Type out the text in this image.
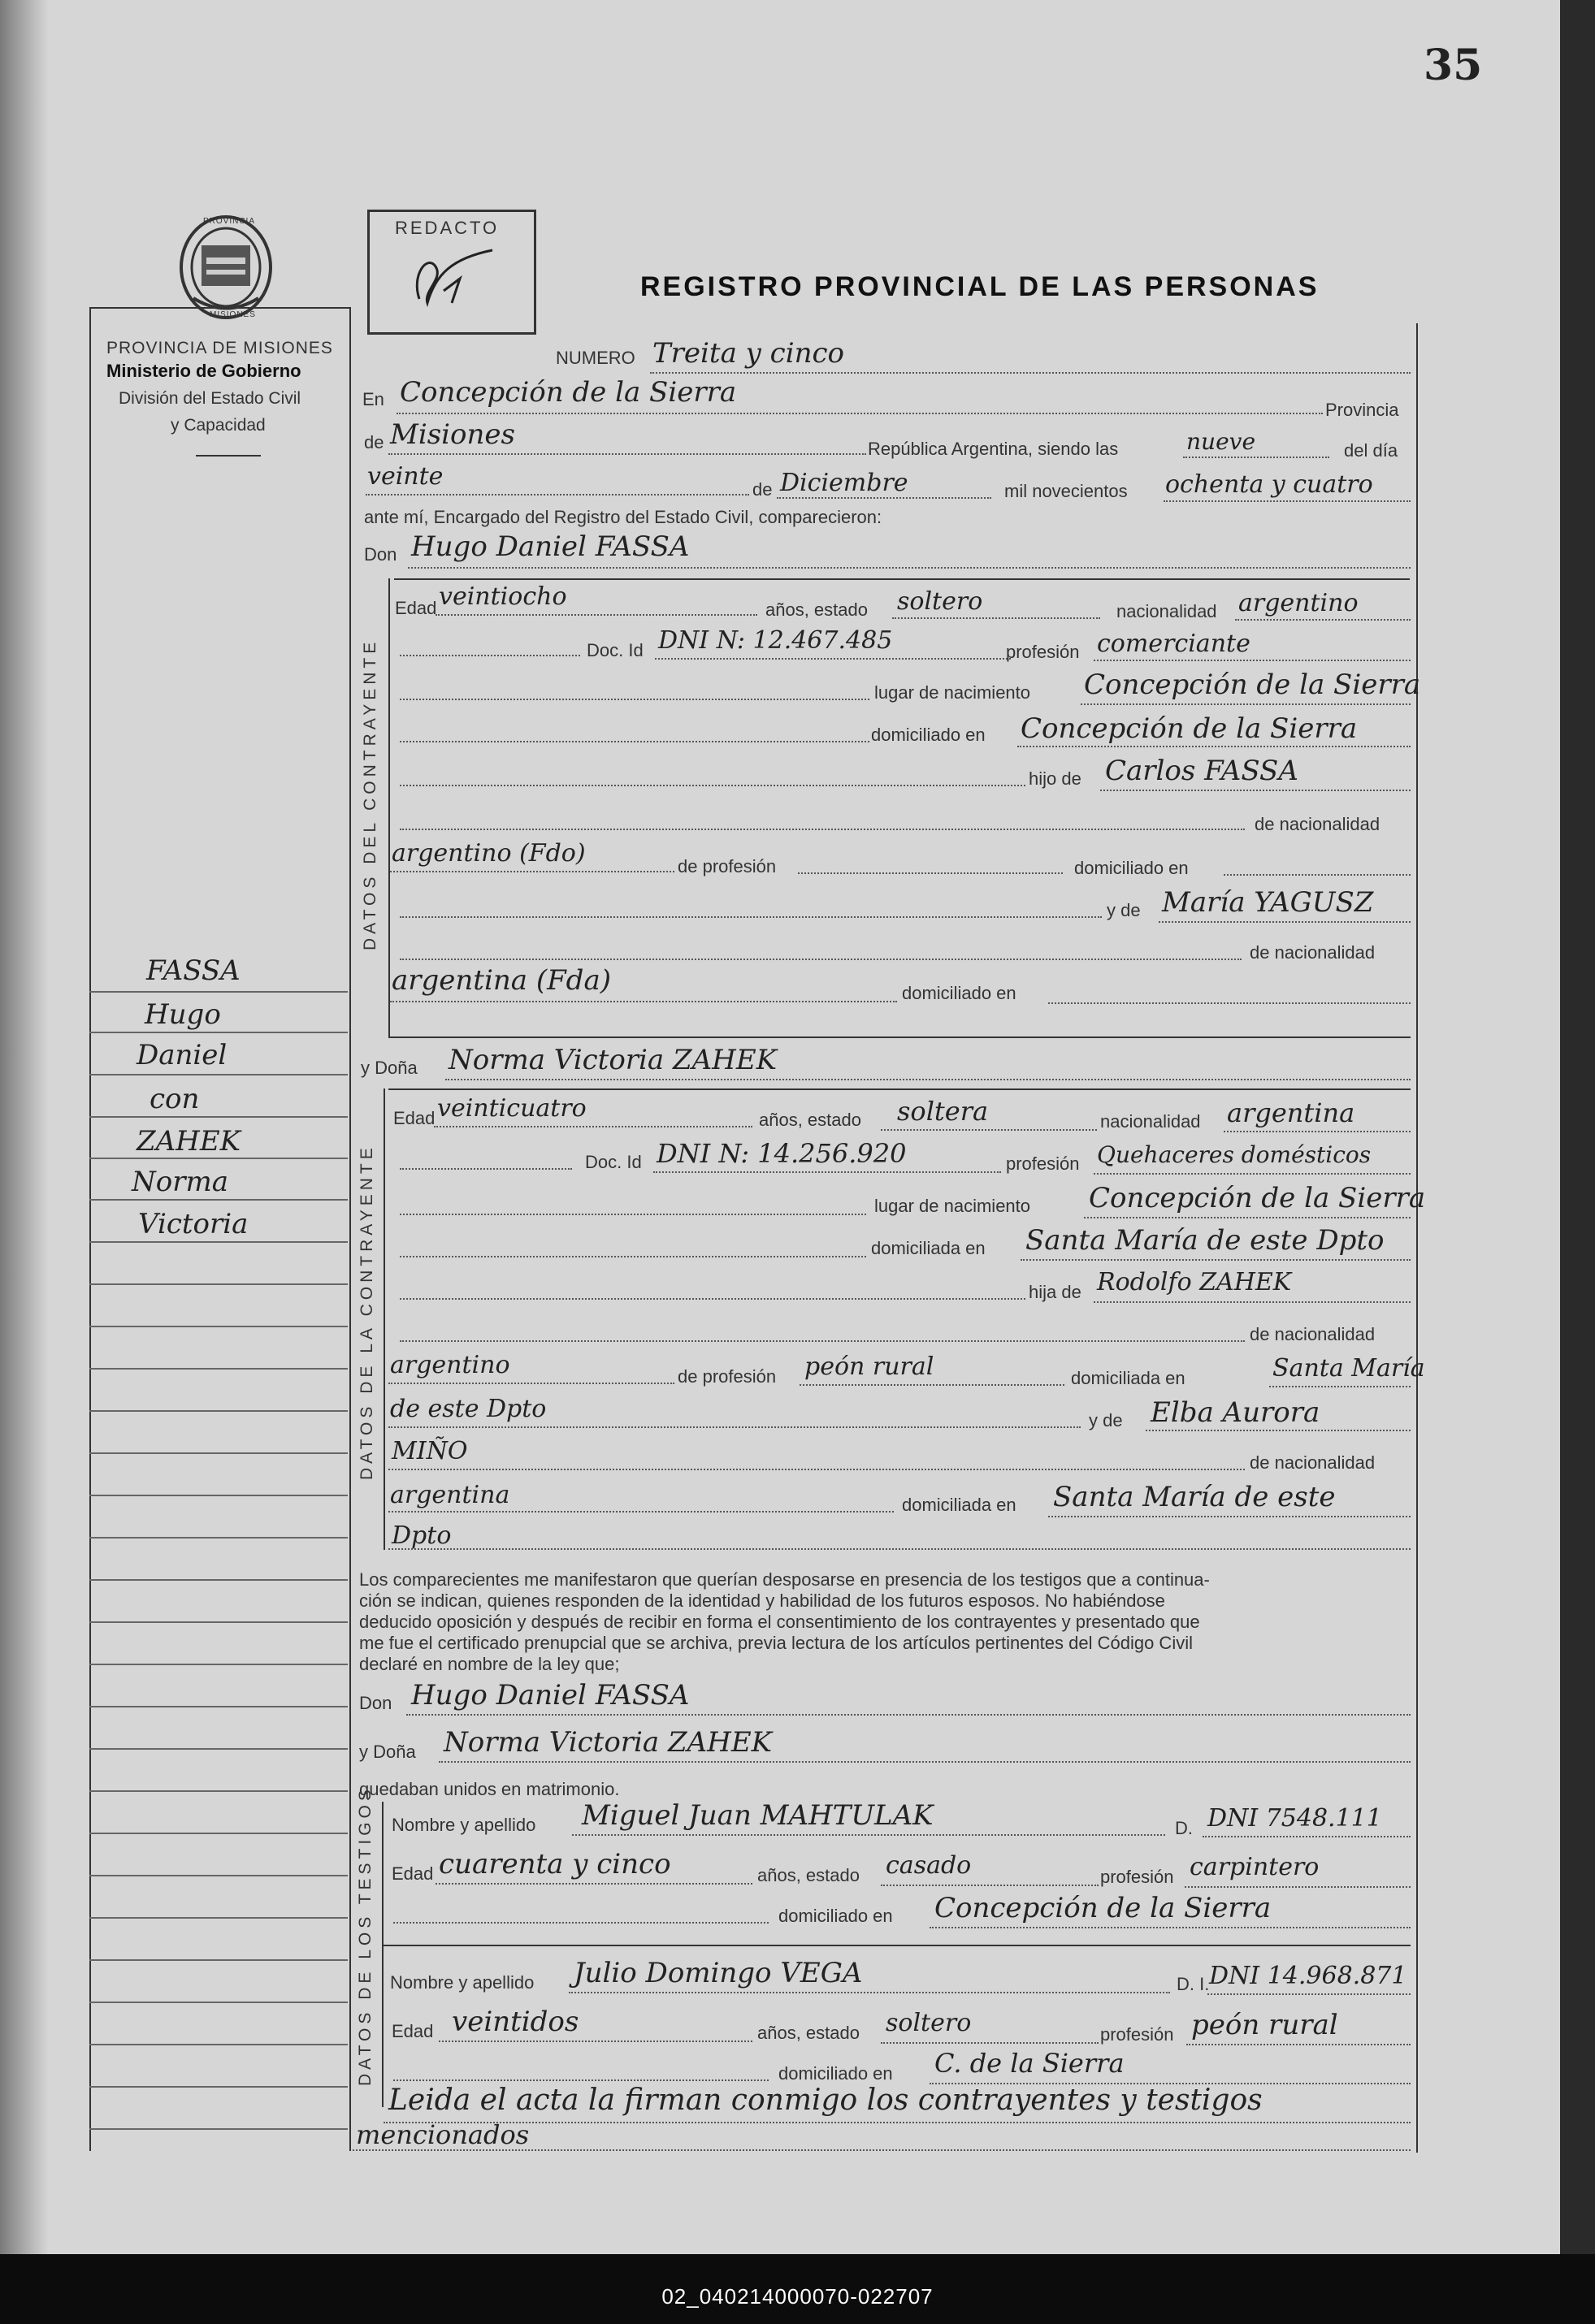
35
PROVINCIA
MISIONES
PROVINCIA DE MISIONES
Ministerio de Gobierno
División del Estado Civil
y Capacidad
FASSA
Hugo
Daniel
con
ZAHEK
Norma
Victoria
REDACTO
REGISTRO PROVINCIAL DE LAS PERSONAS
NUMERO Treita y cinco
En Concepción de la Sierra
Provincia
de Misiones	República Argentina, siendo las	nueve	del día
veinte	de Diciembre	mil novecientos ochenta y cuatro
ante mí, Encargado del Registro del Estado Civil, comparecieron:
Don Hugo Daniel FASSA
DATOS DEL CONTRAYENTE
Edad veintiocho	años, estado soltero	nacionalidad argentino
Doc. Id DNI N: 12.467.485	profesión comerciante
lugar de nacimiento Concepción de la Sierra
domiciliado en Concepción de la Sierra
hijo de Carlos FASSA
de nacionalidad
argentino (Fdo)	de profesión	domiciliado en
y de María YAGUSZ
de nacionalidad
argentina (Fda)	domiciliado en
y Doña Norma Victoria ZAHEK
DATOS DE LA CONTRAYENTE
Edad veinticuatro	años, estado soltera	nacionalidad argentina
Doc. Id DNI N: 14.256.920	profesión Quehaceres domésticos
lugar de nacimiento Concepción de la Sierra
domiciliada en Santa María de este Dpto
hija de Rodolfo ZAHEK
de nacionalidad
argentino	de profesión peón rural	domiciliada en	Santa María
de este Dpto	y de Elba Aurora
MIÑO	de nacionalidad
argentina	domiciliada en Santa María de este
Dpto
Los comparecientes me manifestaron que querían desposarse en presencia de los testigos que a continua-
ción se indican, quienes responden de la identidad y habilidad de los futuros esposos. No habiéndose
deducido oposición y después de recibir en forma el consentimiento de los contrayentes y presentado que
me fue el certificado prenupcial que se archiva, previa lectura de los artículos pertinentes del Código Civil
declaré en nombre de la ley que;
Don Hugo Daniel FASSA
y Doña Norma Victoria ZAHEK
quedaban unidos en matrimonio.
DATOS DE LOS TESTIGOS Nombre y apellido Miguel Juan MAHTULAK	D. DNI 7548.111
Edad cuarenta y cinco	años, estado casado	profesión carpintero
domiciliado en Concepción de la Sierra
Nombre y apellido Julio Domingo VEGA	D. I. DNI 14.968.871
Edad veintidos	años, estado soltero	profesión peón rural
domiciliado en C. de la Sierra
Leida el acta la firman conmigo los contrayentes y testigos
mencionados
02_040214000070-022707
